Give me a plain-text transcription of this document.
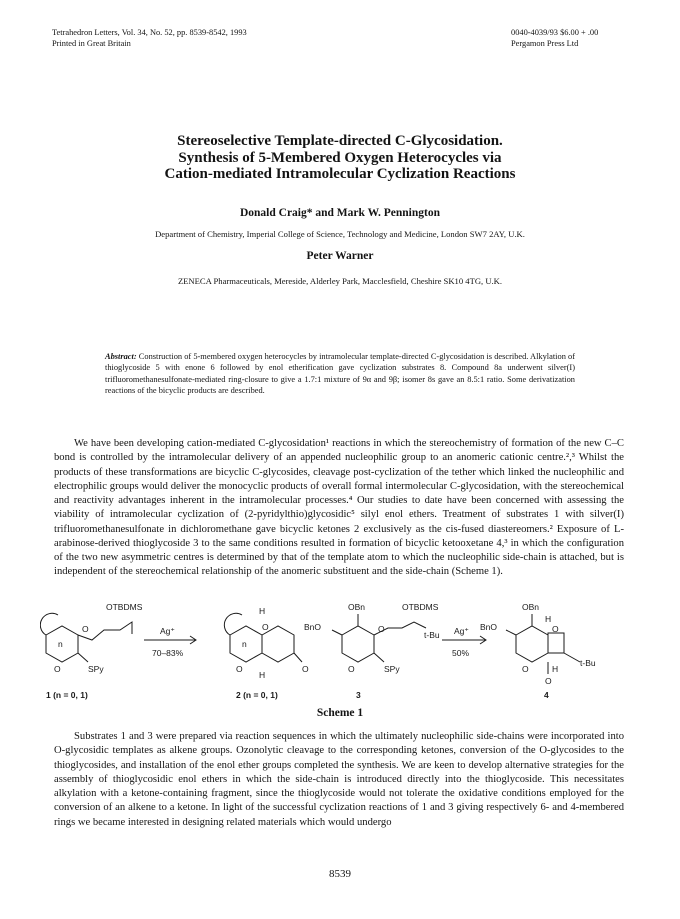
Tetrahedron Letters, Vol. 34, No. 52, pp. 8539-8542, 1993
Printed in Great Britain
0040-4039/93 $6.00 + .00
Pergamon Press Ltd
Stereoselective Template-directed C-Glycosidation.
Synthesis of 5-Membered Oxygen Heterocycles via
Cation-mediated Intramolecular Cyclization Reactions
Donald Craig* and Mark W. Pennington
Department of Chemistry, Imperial College of Science, Technology and Medicine, London SW7 2AY, U.K.
Peter Warner
ZENECA Pharmaceuticals, Mereside, Alderley Park, Macclesfield, Cheshire SK10 4TG, U.K.
Abstract: Construction of 5-membered oxygen heterocycles by intramolecular template-directed C-glycosidation is described. Alkylation of thioglycoside 5 with enone 6 followed by enol etherification gave cyclization substrates 8. Compound 8a underwent silver(I) trifluoromethanesulfonate-mediated ring-closure to give a 1.7:1 mixture of 9α and 9β; isomer 8s gave an 8.5:1 ratio. Some derivatization reactions of the bicyclic products are described.
We have been developing cation-mediated C-glycosidation¹ reactions in which the stereochemistry of formation of the new C–C bond is controlled by the intramolecular delivery of an appended nucleophilic group to an anomeric cationic centre.²,³ Whilst the products of these transformations are bicyclic C-glycosides, cleavage post-cyclization of the tether which linked the nucleophilic and electrophilic groups would deliver the monocyclic products of overall formal intermolecular C-glycosidation, with the stereochemical and reactivity advantages inherent in the intramolecular processes.⁴ Our studies to date have been concerned with assessing the viability of intramolecular cyclization of (2-pyridylthio)glycosidic⁵ silyl enol ethers. Treatment of substrates 1 with silver(I) trifluoromethanesulfonate in dichloromethane gave bicyclic ketones 2 exclusively as the cis-fused diastereomers.² Exposure of L-arabinose-derived thioglycoside 3 to the same conditions resulted in formation of bicyclic ketooxetane 4,³ in which the configuration of the two new asymmetric centres is determined by that of the template atom to which the nucleophilic side-chain is attached, but is independent of the stereochemical relationship of the anomeric substituent and the side-chain (Scheme 1).
OTBDMS
O
n
O	SPy
Ag⁺
70–83%
H
O
n
O	O
H
OBn
BnO	O
OTBDMS
t-Bu
O	SPy
Ag⁺
50%
OBn
BnO
H
O
O
t-Bu
H
O
1 (n = 0, 1)	2 (n = 0, 1)	3	4
Scheme 1
Substrates 1 and 3 were prepared via reaction sequences in which the ultimately nucleophilic side-chains were incorporated into O-glycosidic templates as alkene groups. Ozonolytic cleavage to the corresponding ketones, conversion of the O-glycosides to the thioglycosides, and installation of the enol ether groups completed the synthesis. We are keen to develop alternative strategies for the assembly of thioglycosidic enol ethers in which the side-chain is introduced directly into the thioglycoside. This necessitates alkylation with a ketone-containing fragment, since the thioglycoside would not tolerate the oxidative conditions employed for the conversion of an alkene to a ketone. In light of the successful cyclization reactions of 1 and 3 giving respectively 6- and 4-membered rings we became interested in designing related materials which would undergo
8539
